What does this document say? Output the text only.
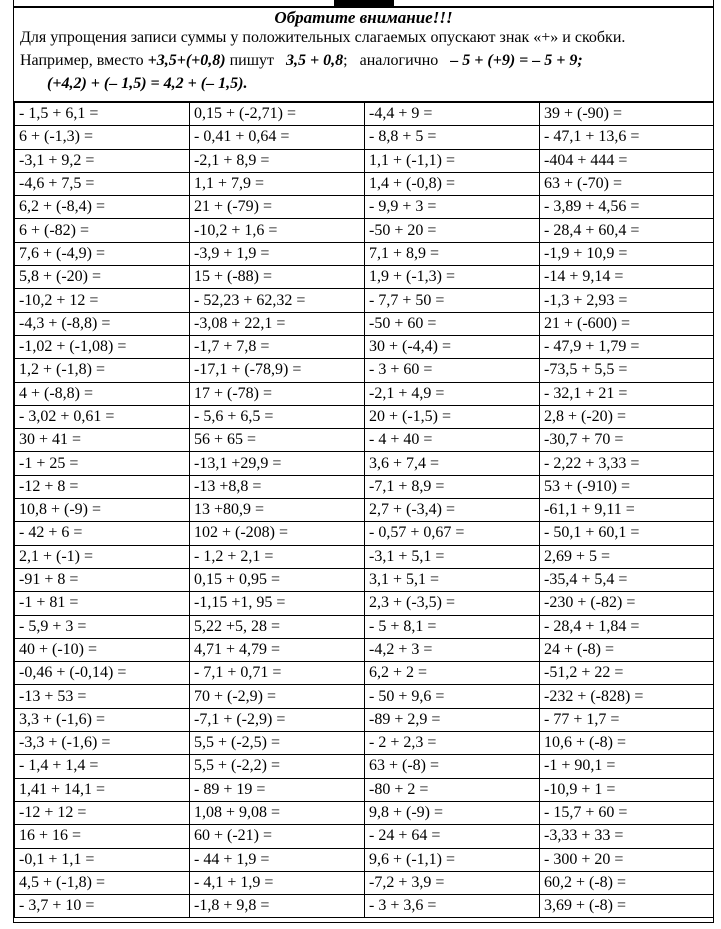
Обратите внимание!!!
Для упрощения записи суммы у положительных слагаемых опускают знак «+» и скобки.
Например, вместо +3,5+(+0,8) пишут 3,5 + 0,8; аналогично – 5 + (+9) = – 5 + 9;
(+4,2) + (– 1,5) = 4,2 + (– 1,5).
- 1,5 + 6,1 =	0,15 + (-2,71) =	-4,4 + 9 =	39 + (-90) =
6 + (-1,3) =	- 0,41 + 0,64 =	- 8,8 + 5 =	- 47,1 + 13,6 =
-3,1 + 9,2 =	-2,1 + 8,9 =	1,1 + (-1,1) =	-404 + 444 =
-4,6 + 7,5 =	1,1 + 7,9 =	1,4 + (-0,8) =	63 + (-70) =
6,2 + (-8,4) =	21 + (-79) =	- 9,9 + 3 =	- 3,89 + 4,56 =
6 + (-82) =	-10,2 + 1,6 =	-50 + 20 =	- 28,4 + 60,4 =
7,6 + (-4,9) =	-3,9 + 1,9 =	7,1 + 8,9 =	-1,9 + 10,9 =
5,8 + (-20) =	15 + (-88) =	1,9 + (-1,3) =	-14 + 9,14 =
-10,2 + 12 =	- 52,23 + 62,32 =	- 7,7 + 50 =	-1,3 + 2,93 =
-4,3 + (-8,8) =	-3,08 + 22,1 =	-50 + 60 =	21 + (-600) =
-1,02 + (-1,08) =	-1,7 + 7,8 =	30 + (-4,4) =	- 47,9 + 1,79 =
1,2 + (-1,8) =	-17,1 + (-78,9) =	- 3 + 60 =	-73,5 + 5,5 =
4 + (-8,8) =	17 + (-78) =	-2,1 + 4,9 =	- 32,1 + 21 =
- 3,02 + 0,61 =	- 5,6 + 6,5 =	20 + (-1,5) =	2,8 + (-20) =
30 + 41 =	56 + 65 =	- 4 + 40 =	-30,7 + 70 =
-1 + 25 =	-13,1 +29,9 =	3,6 + 7,4 =	- 2,22 + 3,33 =
-12 + 8 =	-13 +8,8 =	-7,1 + 8,9 =	53 + (-910) =
10,8 + (-9) =	13 +80,9 =	2,7 + (-3,4) =	-61,1 + 9,11 =
- 42 + 6 =	102 + (-208) =	- 0,57 + 0,67 =	- 50,1 + 60,1 =
2,1 + (-1) =	- 1,2 + 2,1 =	-3,1 + 5,1 =	2,69 + 5 =
-91 + 8 =	0,15 + 0,95 =	3,1 + 5,1 =	-35,4 + 5,4 =
-1 + 81 =	-1,15 +1, 95 =	2,3 + (-3,5) =	-230 + (-82) =
- 5,9 + 3 =	5,22 +5, 28 =	- 5 + 8,1 =	- 28,4 + 1,84 =
40 + (-10) =	4,71 + 4,79 =	-4,2 + 3 =	24 + (-8) =
-0,46 + (-0,14) =	- 7,1 + 0,71 =	6,2 + 2 =	-51,2 + 22 =
-13 + 53 =	70 + (-2,9) =	- 50 + 9,6 =	-232 + (-828) =
3,3 + (-1,6) =	-7,1 + (-2,9) =	-89 + 2,9 =	- 77 + 1,7 =
-3,3 + (-1,6) =	5,5 + (-2,5) =	- 2 + 2,3 =	10,6 + (-8) =
- 1,4 + 1,4 =	5,5 + (-2,2) =	63 + (-8) =	-1 + 90,1 =
1,41 + 14,1 =	- 89 + 19 =	-80 + 2 =	-10,9 + 1 =
-12 + 12 =	1,08 + 9,08 =	9,8 + (-9) =	- 15,7 + 60 =
16 + 16 =	60 + (-21) =	- 24 + 64 =	-3,33 + 33 =
-0,1 + 1,1 =	- 44 + 1,9 =	9,6 + (-1,1) =	- 300 + 20 =
4,5 + (-1,8) =	- 4,1 + 1,9 =	-7,2 + 3,9 =	60,2 + (-8) =
- 3,7 + 10 =	-1,8 + 9,8 =	- 3 + 3,6 =	3,69 + (-8) =
